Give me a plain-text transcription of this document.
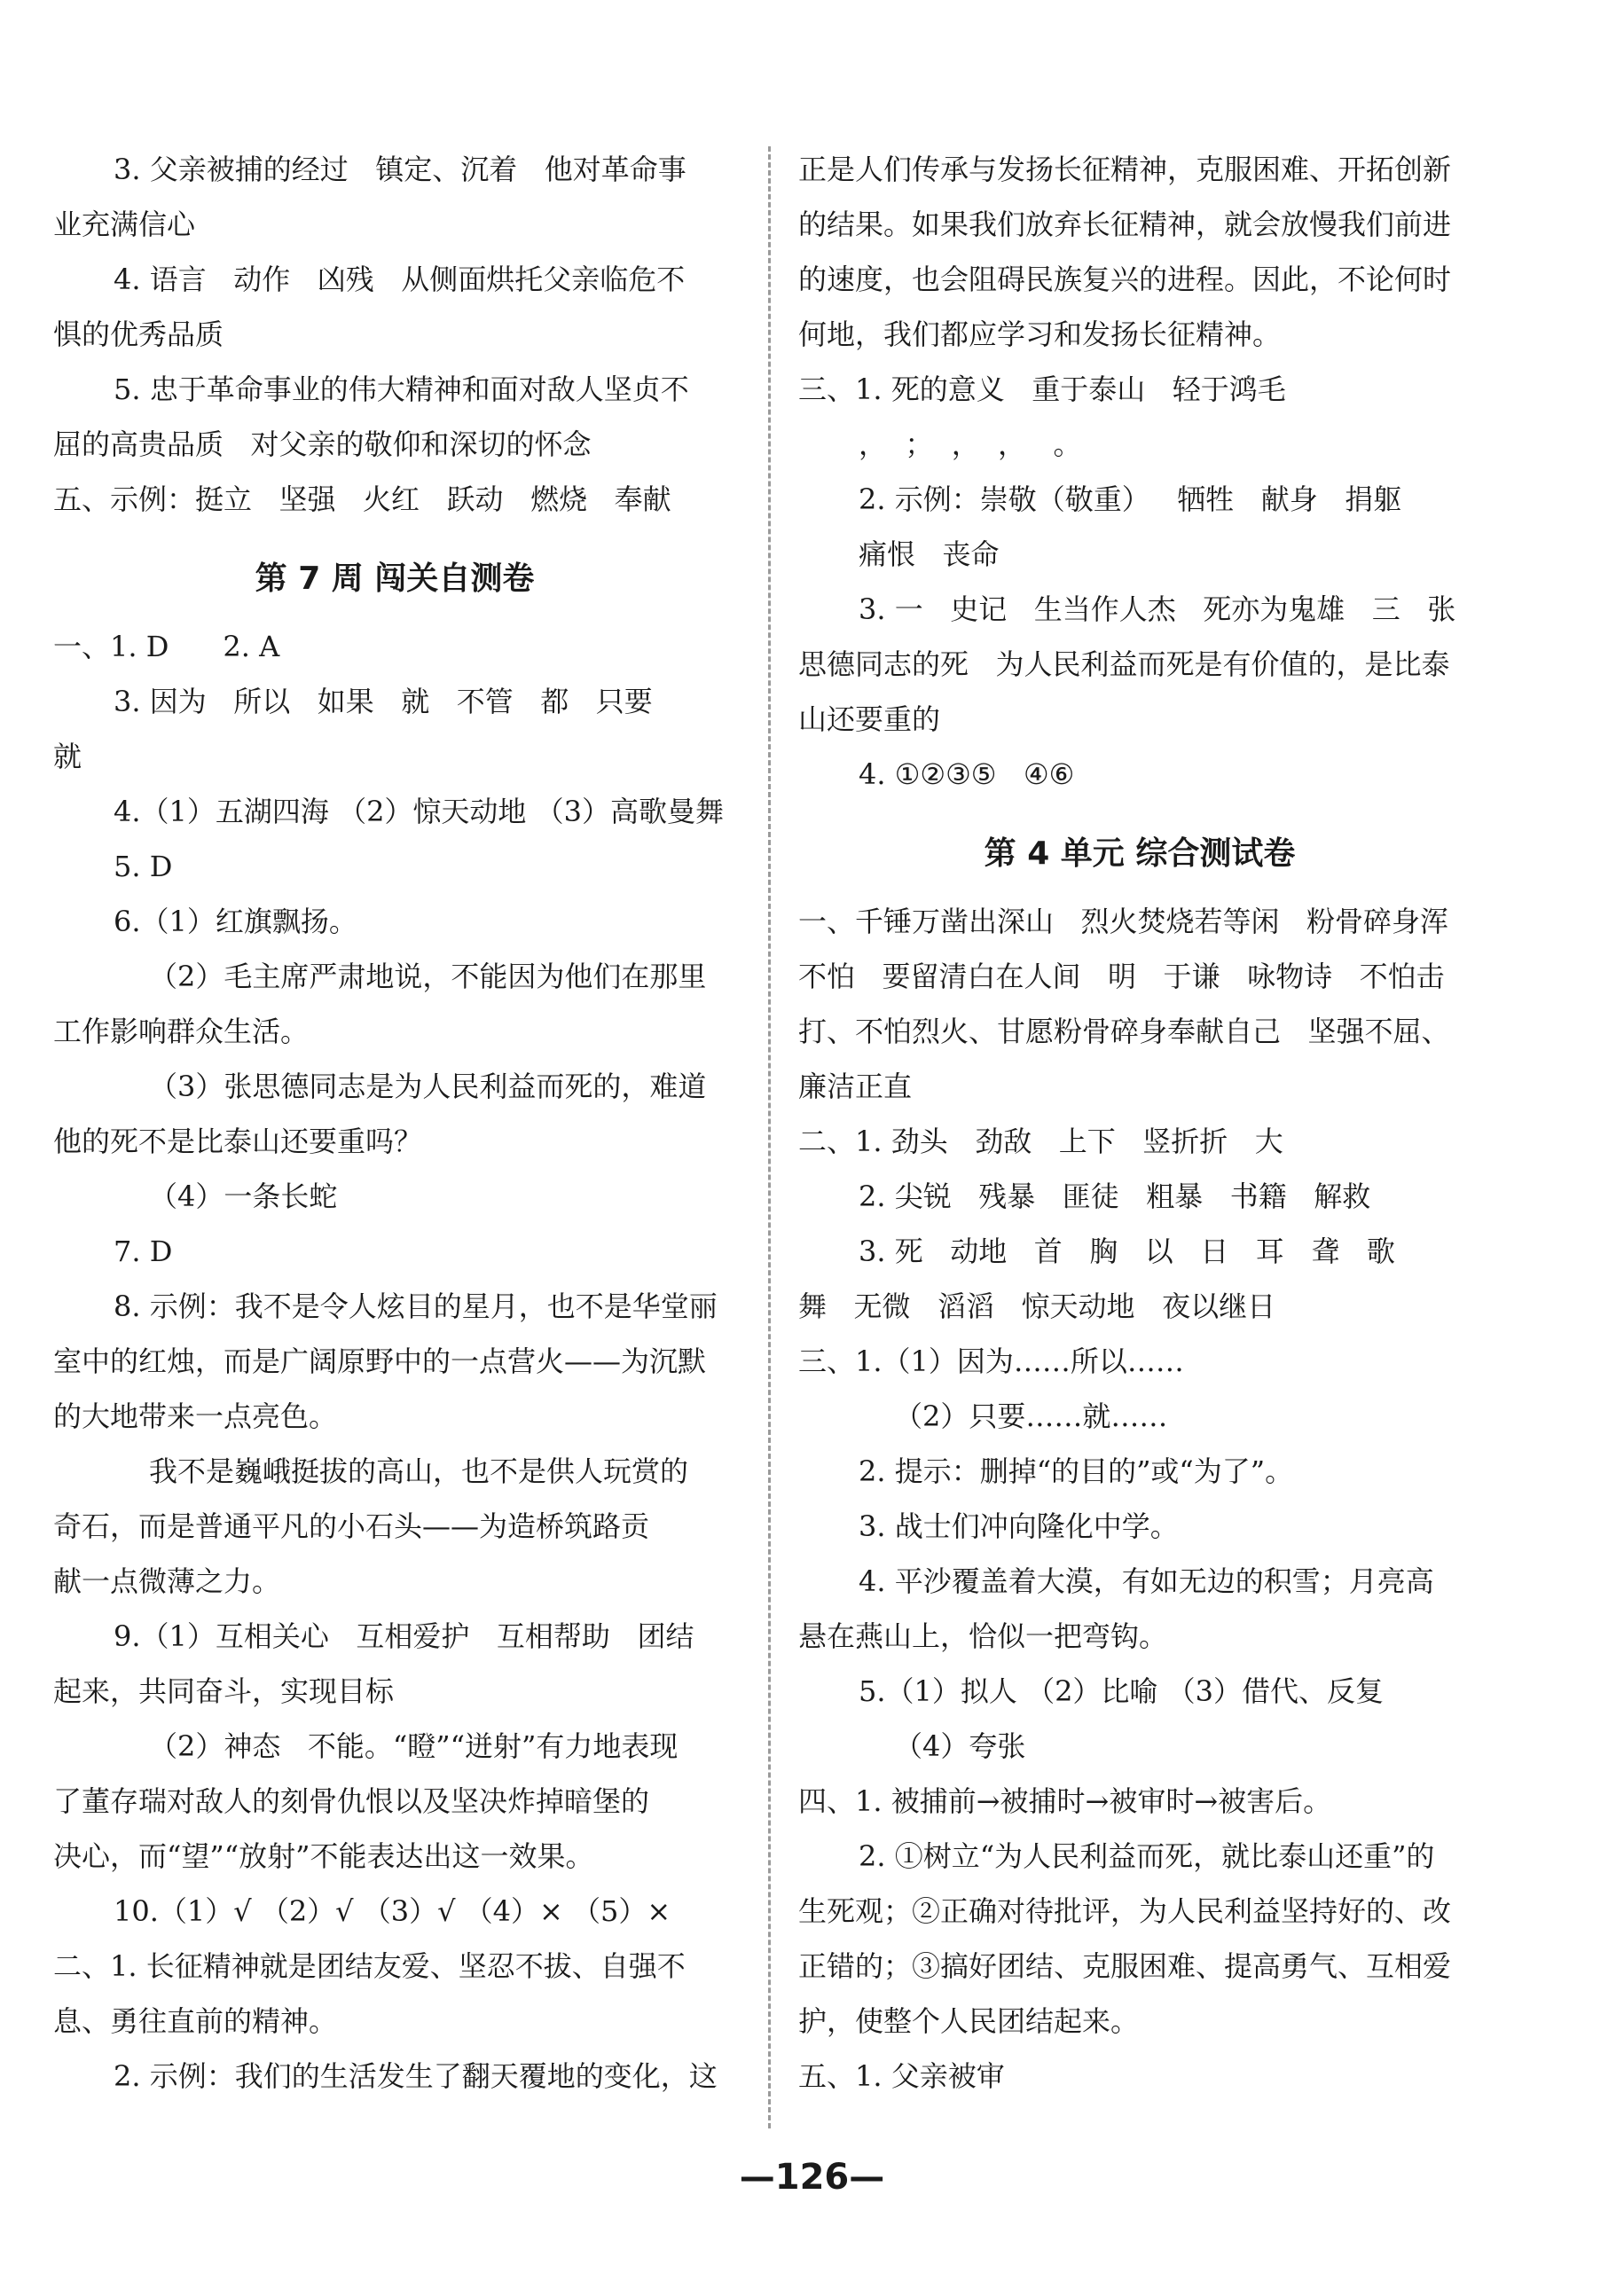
3. 父亲被捕的经过   镇定、沉着   他对革命事
业充满信心
4. 语言   动作   凶残   从侧面烘托父亲临危不
惧的优秀品质
5. 忠于革命事业的伟大精神和面对敌人坚贞不
屈的高贵品质   对父亲的敬仰和深切的怀念
五、示例：挺立   坚强   火红   跃动   燃烧   奉献
第 7 周 闯关自测卷
一、1. D      2. A
3. 因为   所以   如果   就   不管   都   只要
就
4.（1）五湖四海 （2）惊天动地 （3）高歌曼舞
5. D
6.（1）红旗飘扬。
（2）毛主席严肃地说，不能因为他们在那里
工作影响群众生活。
（3）张思德同志是为人民利益而死的，难道
他的死不是比泰山还要重吗？
（4）一条长蛇
7. D
8. 示例：我不是令人炫目的星月，也不是华堂丽
室中的红烛，而是广阔原野中的一点营火——为沉默
的大地带来一点亮色。
我不是巍峨挺拔的高山，也不是供人玩赏的
奇石，而是普通平凡的小石头——为造桥筑路贡
献一点微薄之力。
9.（1）互相关心   互相爱护   互相帮助   团结
起来，共同奋斗，实现目标
（2）神态   不能。“瞪”“迸射”有力地表现
了董存瑞对敌人的刻骨仇恨以及坚决炸掉暗堡的
决心，而“望”“放射”不能表达出这一效果。
10.（1）√ （2）√ （3）√ （4）× （5）×
二、1. 长征精神就是团结友爱、坚忍不拔、自强不
息、勇往直前的精神。
2. 示例：我们的生活发生了翻天覆地的变化，这
正是人们传承与发扬长征精神，克服困难、开拓创新
的结果。如果我们放弃长征精神，就会放慢我们前进
的速度，也会阻碍民族复兴的进程。因此，不论何时
何地，我们都应学习和发扬长征精神。
三、1. 死的意义   重于泰山   轻于鸿毛
，  ；  ，  ，   。
2. 示例：崇敬（敬重）   牺牲   献身   捐躯
痛恨   丧命
3. 一   史记   生当作人杰   死亦为鬼雄   三   张
思德同志的死   为人民利益而死是有价值的，是比泰
山还要重的
4. ①②③⑤   ④⑥
第 4 单元 综合测试卷
一、千锤万凿出深山   烈火焚烧若等闲   粉骨碎身浑
不怕   要留清白在人间   明   于谦   咏物诗   不怕击
打、不怕烈火、甘愿粉骨碎身奉献自己   坚强不屈、
廉洁正直
二、1. 劲头   劲敌   上下   竖折折   大
2. 尖锐   残暴   匪徒   粗暴   书籍   解救
3. 死   动地   首   胸   以   日   耳   聋   歌
舞   无微   滔滔   惊天动地   夜以继日
三、1.（1）因为……所以……
（2）只要……就……
2. 提示：删掉“的目的”或“为了”。
3. 战士们冲向隆化中学。
4. 平沙覆盖着大漠，有如无边的积雪；月亮高
悬在燕山上，恰似一把弯钩。
5.（1）拟人 （2）比喻 （3）借代、反复
（4）夸张
四、1. 被捕前→被捕时→被审时→被害后。
2. ①树立“为人民利益而死，就比泰山还重”的
生死观；②正确对待批评，为人民利益坚持好的、改
正错的；③搞好团结、克服困难、提高勇气、互相爱
护，使整个人民团结起来。
五、1. 父亲被审
—126—
